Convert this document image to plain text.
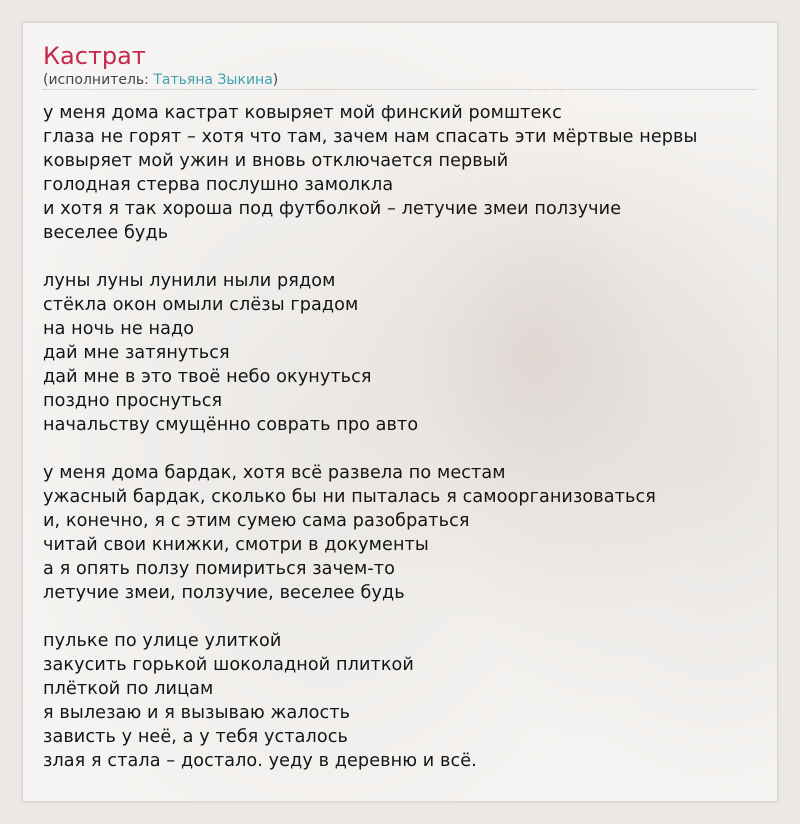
Кастрат
(исполнитель: Татьяна Зыкина)
у меня дома кастрат ковыряет мой финский ромштекс
глаза не горят – хотя что там, зачем нам спасать эти мёртвые нервы
ковыряет мой ужин и вновь отключается первый
голодная стерва послушно замолкла
и хотя я так хороша под футболкой – летучие змеи ползучие
веселее будь
луны луны лунили ныли рядом
стёкла окон омыли слёзы градом
на ночь не надо
дай мне затянуться
дай мне в это твоё небо окунуться
поздно проснуться
начальству смущённо соврать про авто
у меня дома бардак, хотя всё развела по местам
ужасный бардак, сколько бы ни пыталась я самоорганизоваться
и, конечно, я с этим сумею сама разобраться
читай свои книжки, смотри в документы
а я опять ползу помириться зачем-то
летучие змеи, ползучие, веселее будь
пульке по улице улиткой
закусить горькой шоколадной плиткой
плёткой по лицам
я вылезаю и я вызываю жалость
зависть у неё, а у тебя усталось
злая я стала – достало. уеду в деревню и всё.
